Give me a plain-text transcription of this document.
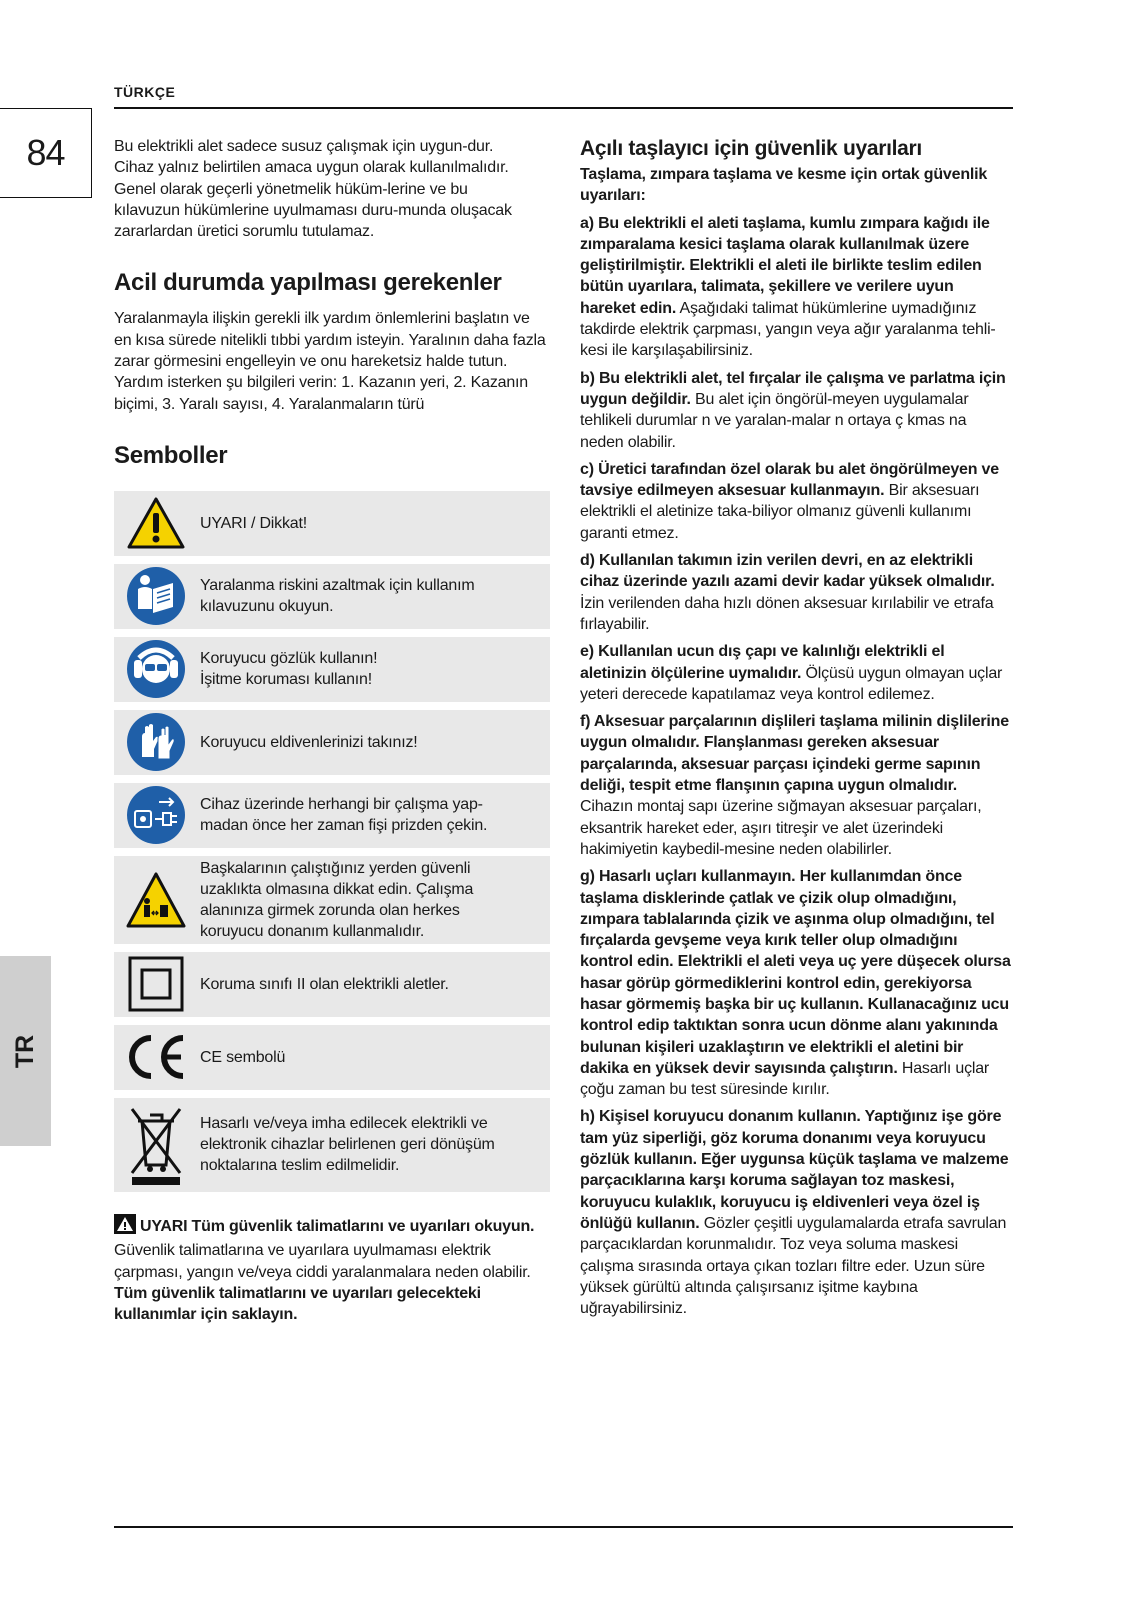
84
TR
TÜRKÇE

Bu elektrikli alet sadece susuz çalışmak için uygun-dur.

Cihaz yalnız belirtilen amaca uygun olarak kullanılmalıdır. Genel olarak geçerli yönetmelik hüküm-lerine ve bu kılavuzun hükümlerine uyulmaması duru-munda oluşacak zararlardan üretici sorumlu tutulamaz.

Acil durumda yapılması gerekenler

Yaralanmayla ilişkin gerekli ilk yardım önlemlerini başlatın ve en kısa sürede nitelikli tıbbi yardım isteyin. Yaralının daha fazla zarar görmesini engelleyin ve onu hareketsiz halde tutun. Yardım isterken şu bilgileri verin: 1. Kazanın yeri, 2. Kazanın biçimi, 3. Yaralı sayısı, 4. Yaralanmaların türü

Semboller
UYARI / Dikkat!
Yaralanma riskini azaltmak için kullanım kılavuzunu okuyun.
Koruyucu gözlük kullanın! İşitme koruması kullanın!
Koruyucu eldivenlerinizi takınız!
Cihaz üzerinde herhangi bir çalışma yap-madan önce her zaman fişi prizden çekin.
Başkalarının çalıştığınız yerden güvenli uzaklıkta olmasına dikkat edin. Çalışma alanınıza girmek zorunda olan herkes koruyucu donanım kullanmalıdır.
Koruma sınıfı II olan elektrikli aletler.
CE sembolü
Hasarlı ve/veya imha edilecek elektrikli ve elektronik cihazlar belirlenen geri dönüşüm noktalarına teslim edilmelidir.

UYARI Tüm güvenlik talimatlarını ve uyarıları okuyun. Güvenlik talimatlarına ve uyarılara uyulmaması elektrik çarpması, yangın ve/veya ciddi yaralanmalara neden olabilir.

Tüm güvenlik talimatlarını ve uyarıları gelecekteki kullanımlar için saklayın.

Açılı taşlayıcı için güvenlik uyarıları

Taşlama, zımpara taşlama ve kesme için ortak güvenlik uyarıları:

a) Bu elektrikli el aleti taşlama, kumlu zımpara kağıdı ile zımparalama kesici taşlama olarak kullanılmak üzere geliştirilmiştir. Elektrikli el aleti ile birlikte teslim edilen bütün uyarılara, talimata, şekillere ve verilere uyun hareket edin. Aşağıdaki talimat hükümlerine uymadığınız takdirde elektrik çarpması, yangın veya ağır yaralanma tehli-kesi ile karşılaşabilirsiniz.

b) Bu elektrikli alet, tel fırçalar ile çalışma ve parlatma için uygun değildir. Bu alet için öngörül-meyen uygulamalar tehlikeli durumlar n ve yaralan-malar n ortaya ç kmas na neden olabilir.

c) Üretici tarafından özel olarak bu alet öngörülmeyen ve tavsiye edilmeyen aksesuar kullanmayın. Bir aksesuarı elektrikli el aletinize taka-biliyor olmanız güvenli kullanımı garanti etmez.

d) Kullanılan takımın izin verilen devri, en az elektrikli cihaz üzerinde yazılı azami devir kadar yüksek olmalıdır. İzin verilenden daha hızlı dönen aksesuar kırılabilir ve etrafa fırlayabilir.

e) Kullanılan ucun dış çapı ve kalınlığı elektrikli el aletinizin ölçülerine uymalıdır. Ölçüsü uygun olmayan uçlar yeteri derecede kapatılamaz veya kontrol edilemez.

f) Aksesuar parçalarının dişlileri taşlama milinin dişlilerine uygun olmalıdır. Flanşlanması gereken aksesuar parçalarında, aksesuar parçası içindeki germe sapının deliği, tespit etme flanşının çapına uygun olmalıdır. Cihazın montaj sapı üzerine sığmayan aksesuar parçaları, eksantrik hareket eder, aşırı titreşir ve alet üzerindeki hakimiyetin kaybedil-mesine neden olabilirler.

g) Hasarlı uçları kullanmayın. Her kullanımdan önce taşlama disklerinde çatlak ve çizik olup olmadığını, zımpara tablalarında çizik ve aşınma olup olmadığını, tel fırçalarda gevşeme veya kırık teller olup olmadığını kontrol edin. Elektrikli el aleti veya uç yere düşecek olursa hasar görüp görmediklerini kontrol edin, gerekiyorsa hasar görmemiş başka bir uç kullanın. Kullanacağınız ucu kontrol edip taktıktan sonra ucun dönme alanı yakınında bulunan kişileri uzaklaştırın ve elektrikli el aletini bir dakika en yüksek devir sayısında çalıştırın. Hasarlı uçlar çoğu zaman bu test süresinde kırılır.

h) Kişisel koruyucu donanım kullanın. Yaptığınız işe göre tam yüz siperliği, göz koruma donanımı veya koruyucu gözlük kullanın. Eğer uygunsa küçük taşlama ve malzeme parçacıklarına karşı koruma sağlayan toz maskesi, koruyucu kulaklık, koruyucu iş eldivenleri veya özel iş önlüğü kullanın. Gözler çeşitli uygulamalarda etrafa savrulan parçacıklardan korunmalıdır. Toz veya soluma maskesi çalışma sırasında ortaya çıkan tozları filtre eder. Uzun süre yüksek gürültü altında çalışırsanız işitme kaybına uğrayabilirsiniz.
